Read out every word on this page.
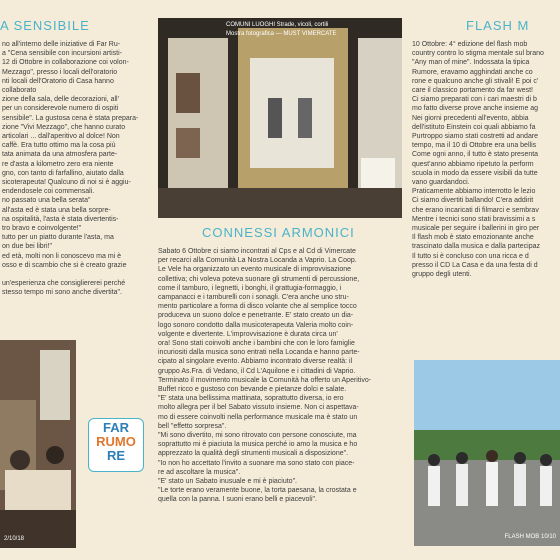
A SENSIBILE
no all'interno delle iniziative di Far Ru-
a "Cena sensibile con incursioni artisti-
12 di Ottobre in collaborazione coi volon-
Mezzago", presso i locali dell'oratorio
nti locali dell'Oratorio di Casa hanno collaborato
zione della sala, delle decorazioni, all'
per un considerevole numero di ospiti
sensibile". La gustosa cena è stata prepara-
zione "Vivi Mezzago", che hanno curato
articolari ... dall'aperitivo al dolce! Non
caffè. Era tutto ottimo ma la cosa più
tata animata da una atmosfera parte-
re d'asta a kilometro zero era niente
gno, con tanto di farfallino, aiutato dalla
sicoterapeuta! Qualcuno di noi si è aggiu-
endendosele coi commensali.
no passato una bella serata"
all'asta ed è stata una bella sorpre-
na ospitalità, l'asta è stata divertentis-
tro bravo e coinvolgente!"
tutto per un piatto durante l'asta, ma
on due bei libri!"
ed età, molti non li conoscevo ma mi è
osso e di scambio che si è creato grazie

un'esperienza che consigliererei perché
stesso tempo mi sono anche divertita".
2/10/18
FAR
RUMO
RE
COMUNI LUOGHI Strade, vicoli, cortili
Mostra fotografica — MUST VIMERCATE
CONNESSI ARMONICI
Sabato 6 Ottobre ci siamo incontrati al Cps e al Cd di Vimercate
per recarci alla Comunità La Nostra Locanda a Vaprio. La Coop.
Le Vele ha organizzato un evento musicale di improvvisazione
collettiva; chi voleva poteva suonare gli strumenti di percussione,
come il tamburo, i legnetti, i bonghi, il grattugia-formaggio, i
campanacci e i tamburelli con i sonagli. C'era anche uno stru-
mento particolare a forma di disco volante che al semplice tocco
produceva un suono dolce e penetrante. E' stato creato un dia-
logo sonoro condotto dalla musicoterapeuta Valeria molto coin-
volgente e divertente. L'improvvisazione è durata circa un'
ora! Sono stati coinvolti anche i bambini che con le loro famiglie
incuriositi dalla musica sono entrati nella Locanda e hanno parte-
cipato al singolare evento. Abbiamo incontrato diverse realtà: il
gruppo As.Fra. di Vedano, il Cd L'Aquilone e i cittadini di Vaprio.
Terminato il movimento musicale la Comunità ha offerto un Aperitivo-
Buffet ricco e gustoso con bevande e pietanze dolci e salate.
"E' stata una bellissima mattinata, soprattutto diversa, io ero
molto allegra per il bel Sabato vissuto insieme. Non ci aspettava-
mo di essere coinvolti nella performance musicale ma è stato un
bell "effetto sorpresa".
"Mi sono divertito, mi sono ritrovato con persone conosciute, ma
soprattutto mi è piaciuta la musica perché io amo la musica e ho
apprezzato la qualità degli strumenti musicali a disposizione".
"Io non ho accettato l'invito a suonare ma sono stato con piace-
re ad ascoltare la musica".
"E' stato un Sabato inusuale e mi è piaciuto".
"Le torte erano veramente buone, la torta paesana, la crostata e
quella con la panna. I suoni erano belli e piacevoli".
FLASH M
10 Ottobre: 4° edizione del flash mob
country contro lo stigma mentale sul brano
"Any man of mine". Indossata la tipica
Rumore, eravamo agghindati anche co
rone e qualcuno anche gli stivali! E poi c'
care il classico portamento da far west!
Ci siamo preparati con i cari maestri di b
mo fatto diverse prove anche insieme ag
Nei giorni precedenti all'evento, abbia
dell'istituto Einstein coi quali abbiamo fa
Purtroppo siamo stati costretti ad andare
tempo, ma il 10 di Ottobre era una bellis
Come ogni anno, il tutto è stato presenta
quest'anno abbiamo ripetuto la perform
scuola in modo da essere visibili da tutte
vano guardandoci.
Praticamente abbiamo interrotto le lezio
Ci siamo divertiti ballando! C'era addirit
che erano incaricati di filmarci e sembrav
Mentre i tecnici sono stati bravissimi a s
musicale per seguire i ballerini in giro per
Il flash mob è stato emozionante anche
trascinato dalla musica e dalla partecipaz
Il tutto si è concluso con una ricca e d
presso il CD La Casa e da una festa di d
gruppo degli utenti.
FLASH MOB 10/10
